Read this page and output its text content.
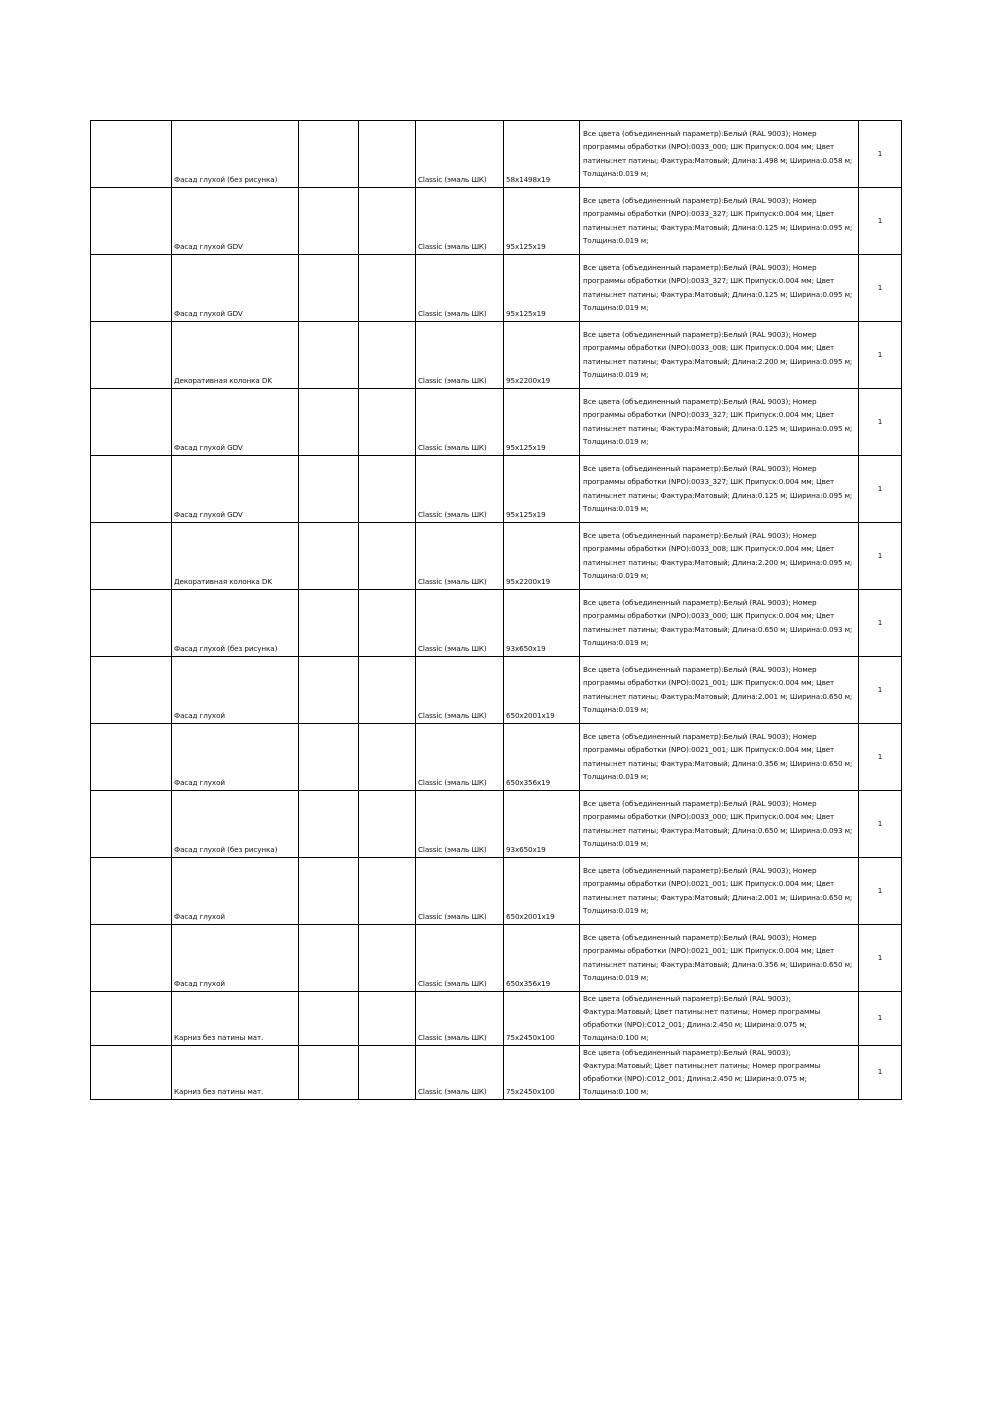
	Фасад глухой (без рисунка)			Classic (эмаль ШК)	58x1498x19	Все цвета (объединенный параметр):Белый (RAL 9003); Номер программы обработки (NPO):0033_000; ШК Припуск:0.004 мм; Цвет патины:нет патины; Фактура:Матовый; Длина:1.498 м; Ширина:0.058 м; Толщина:0.019 м;	1
	Фасад глухой GDV			Classic (эмаль ШК)	95x125x19	Все цвета (объединенный параметр):Белый (RAL 9003); Номер программы обработки (NPO):0033_327; ШК Припуск:0.004 мм; Цвет патины:нет патины; Фактура:Матовый; Длина:0.125 м; Ширина:0.095 м; Толщина:0.019 м;	1
	Фасад глухой GDV			Classic (эмаль ШК)	95x125x19	Все цвета (объединенный параметр):Белый (RAL 9003); Номер программы обработки (NPO):0033_327; ШК Припуск:0.004 мм; Цвет патины:нет патины; Фактура:Матовый; Длина:0.125 м; Ширина:0.095 м; Толщина:0.019 м;	1
	Декоративная колонка DK			Classic (эмаль ШК)	95x2200x19	Все цвета (объединенный параметр):Белый (RAL 9003); Номер программы обработки (NPO):0033_008; ШК Припуск:0.004 мм; Цвет патины:нет патины; Фактура:Матовый; Длина:2.200 м; Ширина:0.095 м; Толщина:0.019 м;	1
	Фасад глухой GDV			Classic (эмаль ШК)	95x125x19	Все цвета (объединенный параметр):Белый (RAL 9003); Номер программы обработки (NPO):0033_327; ШК Припуск:0.004 мм; Цвет патины:нет патины; Фактура:Матовый; Длина:0.125 м; Ширина:0.095 м; Толщина:0.019 м;	1
	Фасад глухой GDV			Classic (эмаль ШК)	95x125x19	Все цвета (объединенный параметр):Белый (RAL 9003); Номер программы обработки (NPO):0033_327; ШК Припуск:0.004 мм; Цвет патины:нет патины; Фактура:Матовый; Длина:0.125 м; Ширина:0.095 м; Толщина:0.019 м;	1
	Декоративная колонка DK			Classic (эмаль ШК)	95x2200x19	Все цвета (объединенный параметр):Белый (RAL 9003); Номер программы обработки (NPO):0033_008; ШК Припуск:0.004 мм; Цвет патины:нет патины; Фактура:Матовый; Длина:2.200 м; Ширина:0.095 м; Толщина:0.019 м;	1
	Фасад глухой (без рисунка)			Classic (эмаль ШК)	93x650x19	Все цвета (объединенный параметр):Белый (RAL 9003); Номер программы обработки (NPO):0033_000; ШК Припуск:0.004 мм; Цвет патины:нет патины; Фактура:Матовый; Длина:0.650 м; Ширина:0.093 м; Толщина:0.019 м;	1
	Фасад глухой			Classic (эмаль ШК)	650x2001x19	Все цвета (объединенный параметр):Белый (RAL 9003); Номер программы обработки (NPO):0021_001; ШК Припуск:0.004 мм; Цвет патины:нет патины; Фактура:Матовый; Длина:2.001 м; Ширина:0.650 м; Толщина:0.019 м;	1
	Фасад глухой			Classic (эмаль ШК)	650x356x19	Все цвета (объединенный параметр):Белый (RAL 9003); Номер программы обработки (NPO):0021_001; ШК Припуск:0.004 мм; Цвет патины:нет патины; Фактура:Матовый; Длина:0.356 м; Ширина:0.650 м; Толщина:0.019 м;	1
	Фасад глухой (без рисунка)			Classic (эмаль ШК)	93x650x19	Все цвета (объединенный параметр):Белый (RAL 9003); Номер программы обработки (NPO):0033_000; ШК Припуск:0.004 мм; Цвет патины:нет патины; Фактура:Матовый; Длина:0.650 м; Ширина:0.093 м; Толщина:0.019 м;	1
	Фасад глухой			Classic (эмаль ШК)	650x2001x19	Все цвета (объединенный параметр):Белый (RAL 9003); Номер программы обработки (NPO):0021_001; ШК Припуск:0.004 мм; Цвет патины:нет патины; Фактура:Матовый; Длина:2.001 м; Ширина:0.650 м; Толщина:0.019 м;	1
	Фасад глухой			Classic (эмаль ШК)	650x356x19	Все цвета (объединенный параметр):Белый (RAL 9003); Номер программы обработки (NPO):0021_001; ШК Припуск:0.004 мм; Цвет патины:нет патины; Фактура:Матовый; Длина:0.356 м; Ширина:0.650 м; Толщина:0.019 м;	1
	Карниз без патины мат.			Classic (эмаль ШК)	75x2450x100	Все цвета (объединенный параметр):Белый (RAL 9003); Фактура:Матовый; Цвет патины:нет патины; Номер программы обработки (NPO):C012_001; Длина:2.450 м; Ширина:0.075 м; Толщина:0.100 м;	1
	Карниз без патины мат.			Classic (эмаль ШК)	75x2450x100	Все цвета (объединенный параметр):Белый (RAL 9003); Фактура:Матовый; Цвет патины:нет патины; Номер программы обработки (NPO):C012_001; Длина:2.450 м; Ширина:0.075 м; Толщина:0.100 м;	1
